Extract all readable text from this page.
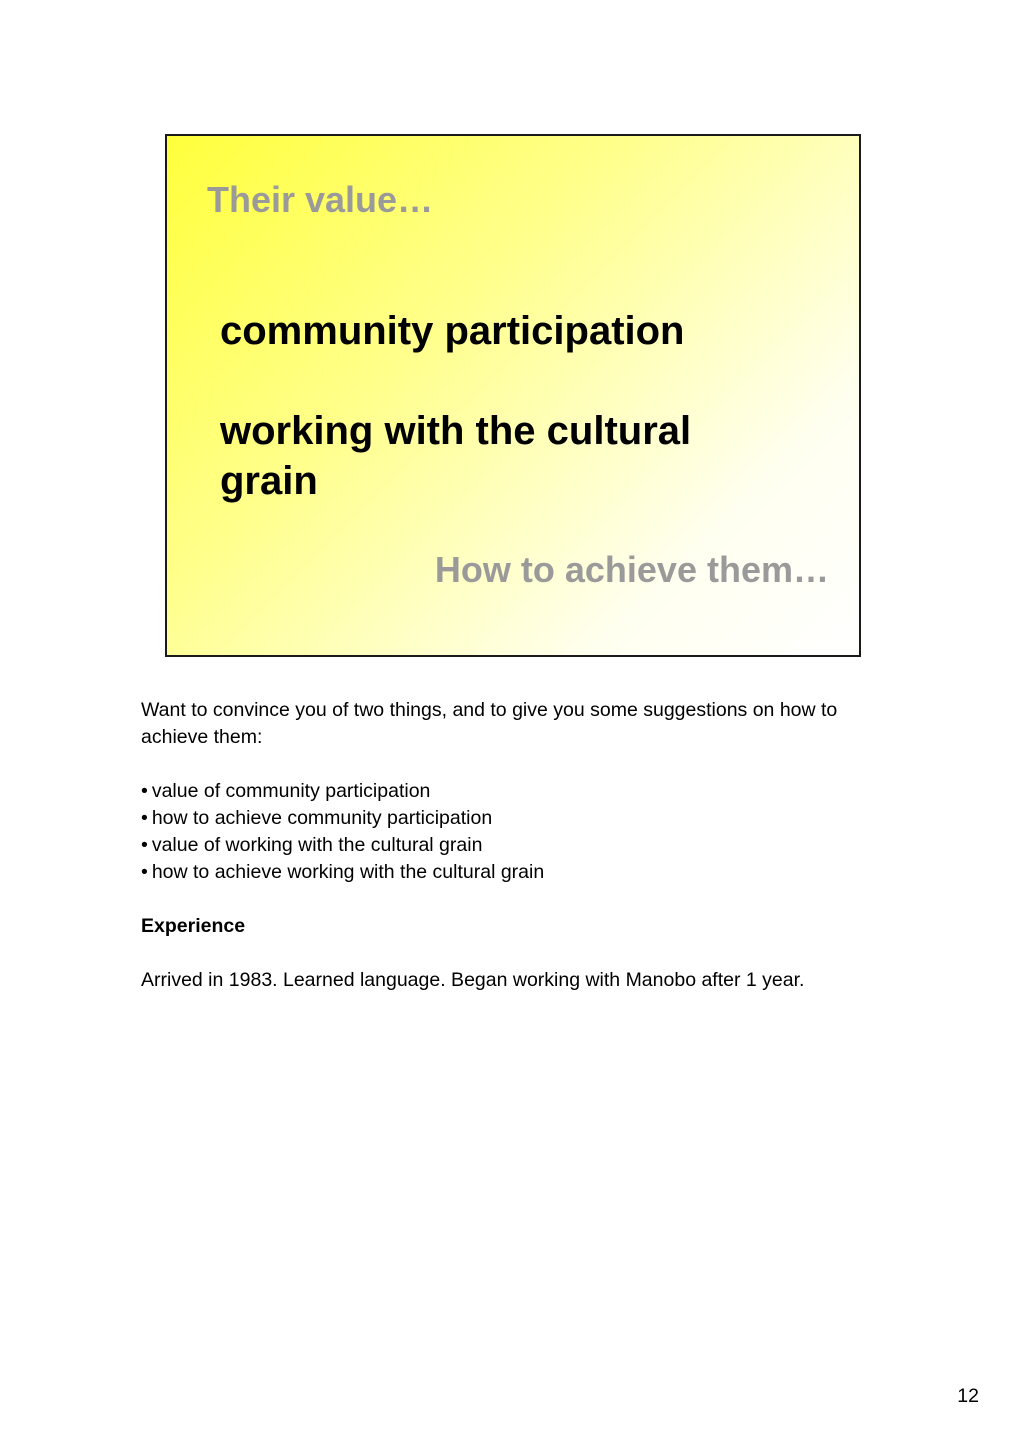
Their value…
community participation
working with the cultural grain
How to achieve them…

Want to convince you of two things, and to give you some suggestions on how to achieve them:

• value of community participation
• how to achieve community participation
• value of working with the cultural grain
• how to achieve working with the cultural grain

Experience

Arrived in 1983. Learned language. Began working with Manobo after 1 year.

12
